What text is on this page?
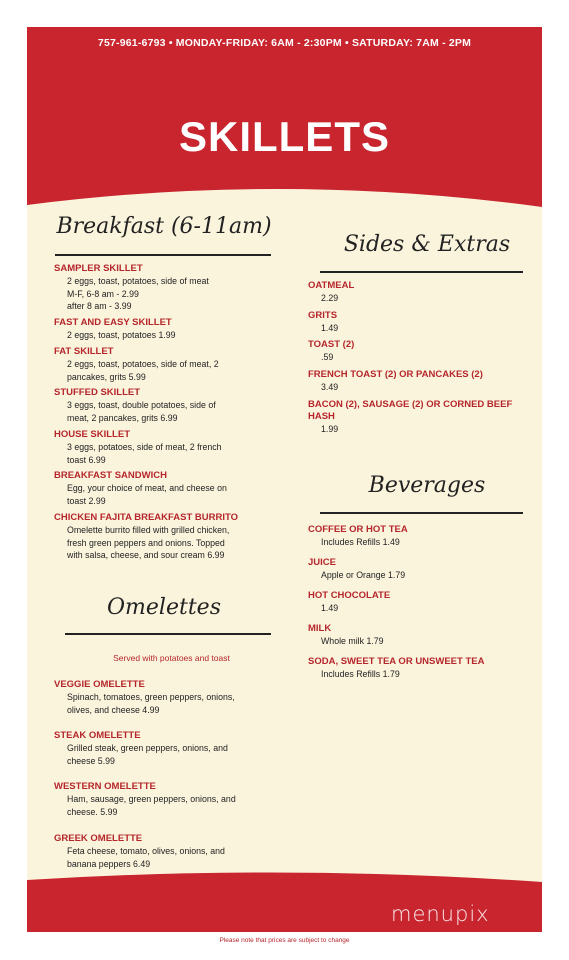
757-961-6793 • MONDAY-FRIDAY: 6AM - 2:30PM • SATURDAY: 7AM - 2PM
SKILLETS
Breakfast (6-11am)
SAMPLER SKILLET
2 eggs, toast, potatoes, side of meat
M-F, 6-8 am - 2.99
after 8 am - 3.99
FAST AND EASY SKILLET
2 eggs, toast, potatoes 1.99
FAT SKILLET
2 eggs, toast, potatoes, side of meat, 2
pancakes, grits 5.99
STUFFED SKILLET
3 eggs, toast, double potatoes, side of
meat, 2 pancakes, grits 6.99
HOUSE SKILLET
3 eggs, potatoes, side of meat, 2 french
toast 6.99
BREAKFAST SANDWICH
Egg, your choice of meat, and cheese on
toast 2.99
CHICKEN FAJITA BREAKFAST BURRITO
Omelette burrito filled with grilled chicken,
fresh green peppers and onions. Topped
with salsa, cheese, and sour cream 6.99
Omelettes
Served with potatoes and toast
VEGGIE OMELETTE
Spinach, tomatoes, green peppers, onions,
olives, and cheese 4.99
STEAK OMELETTE
Grilled steak, green peppers, onions, and
cheese 5.99
WESTERN OMELETTE
Ham, sausage, green peppers, onions, and
cheese. 5.99
GREEK OMELETTE
Feta cheese, tomato, olives, onions, and
banana peppers 6.49
Sides & Extras
OATMEAL
2.29
GRITS
1.49
TOAST (2)
.59
FRENCH TOAST (2) OR PANCAKES (2)
3.49
BACON (2), SAUSAGE (2) OR CORNED BEEF HASH
1.99
Beverages
COFFEE OR HOT TEA
Includes Refills 1.49
JUICE
Apple or Orange 1.79
HOT CHOCOLATE
1.49
MILK
Whole milk 1.79
SODA, SWEET TEA OR UNSWEET TEA
Includes Refills 1.79
menupix
Please note that prices are subject to change
